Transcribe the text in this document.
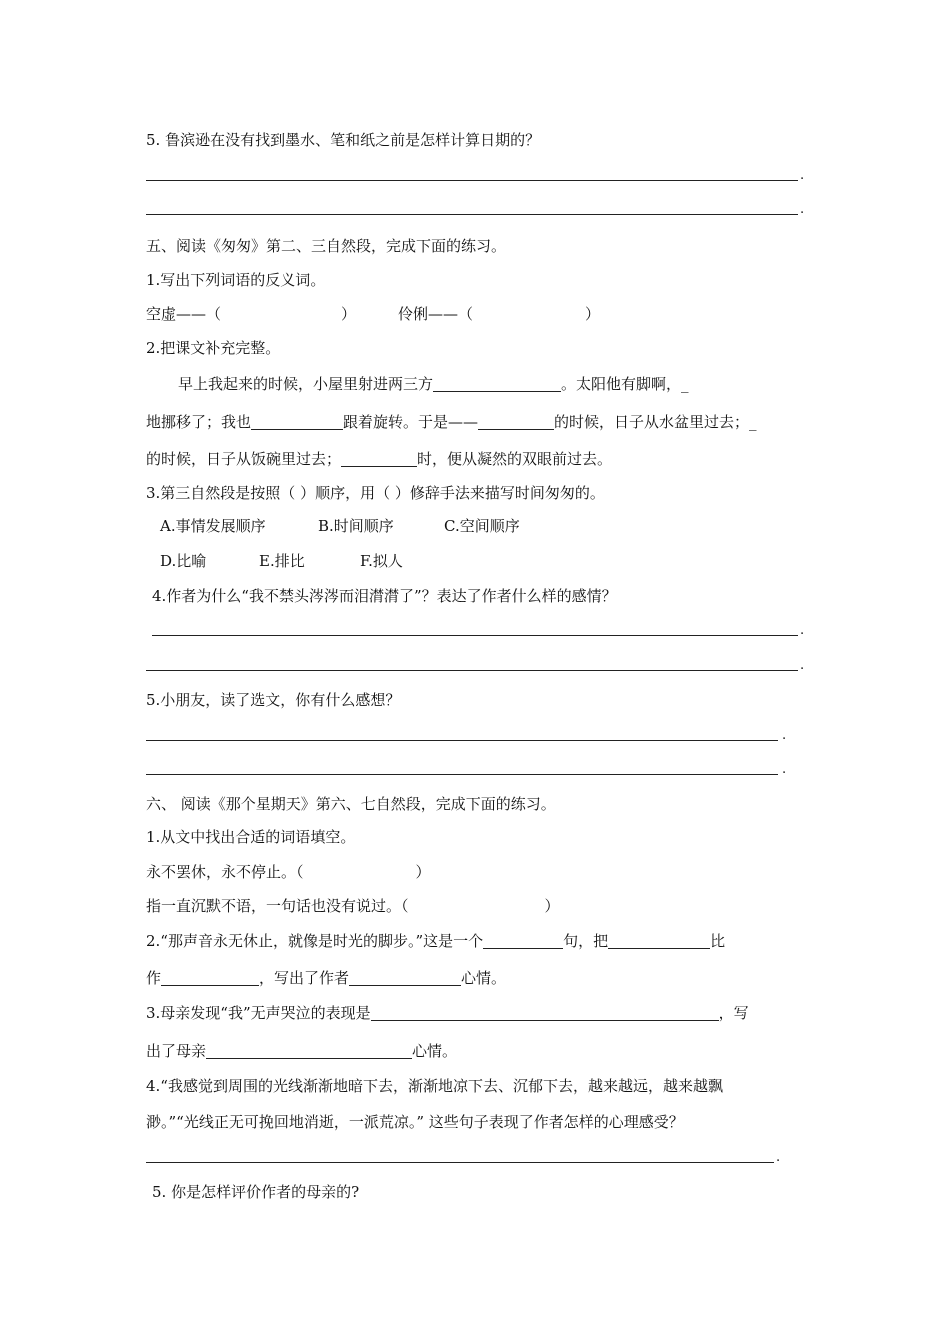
5. 鲁滨逊在没有找到墨水、笔和纸之前是怎样计算日期的？
.
.
五、阅读《匆匆》第二、三自然段，完成下面的练习。
1.写出下列词语的反义词。
空虚——（	）	伶俐——（	）
2.把课文补充完整。
早上我起来的时候，小屋里射进两三方	。太阳他有脚啊，_
地挪移了；我也	跟着旋转。于是——	的时候，日子从水盆里过去；_
的时候，日子从饭碗里过去；	时，便从凝然的双眼前过去。
3.第三自然段是按照（ ）顺序，用（ ）修辞手法来描写时间匆匆的。
A.事情发展顺序	B.时间顺序	C.空间顺序
D.比喻	E.排比	F.拟人
4.作者为什么“我不禁头涔涔而泪潸潸了”？表达了作者什么样的感情？
.
.
5.小朋友，读了选文，你有什么感想？
.
.
六、 阅读《那个星期天》第六、七自然段，完成下面的练习。
1.从文中找出合适的词语填空。
永不罢休，永不停止。（	）
指一直沉默不语，一句话也没有说过。（	）
2.“那声音永无休止，就像是时光的脚步。”这是一个	句，把	比
作	，写出了作者	心情。
3.母亲发现“我”无声哭泣的表现是	，写
出了母亲	心情。
4.“我感觉到周围的光线渐渐地暗下去，渐渐地凉下去、沉郁下去，越来越远，越来越飘
渺。”“光线正无可挽回地消逝，一派荒凉。” 这些句子表现了作者怎样的心理感受？
.
5. 你是怎样评价作者的母亲的?
